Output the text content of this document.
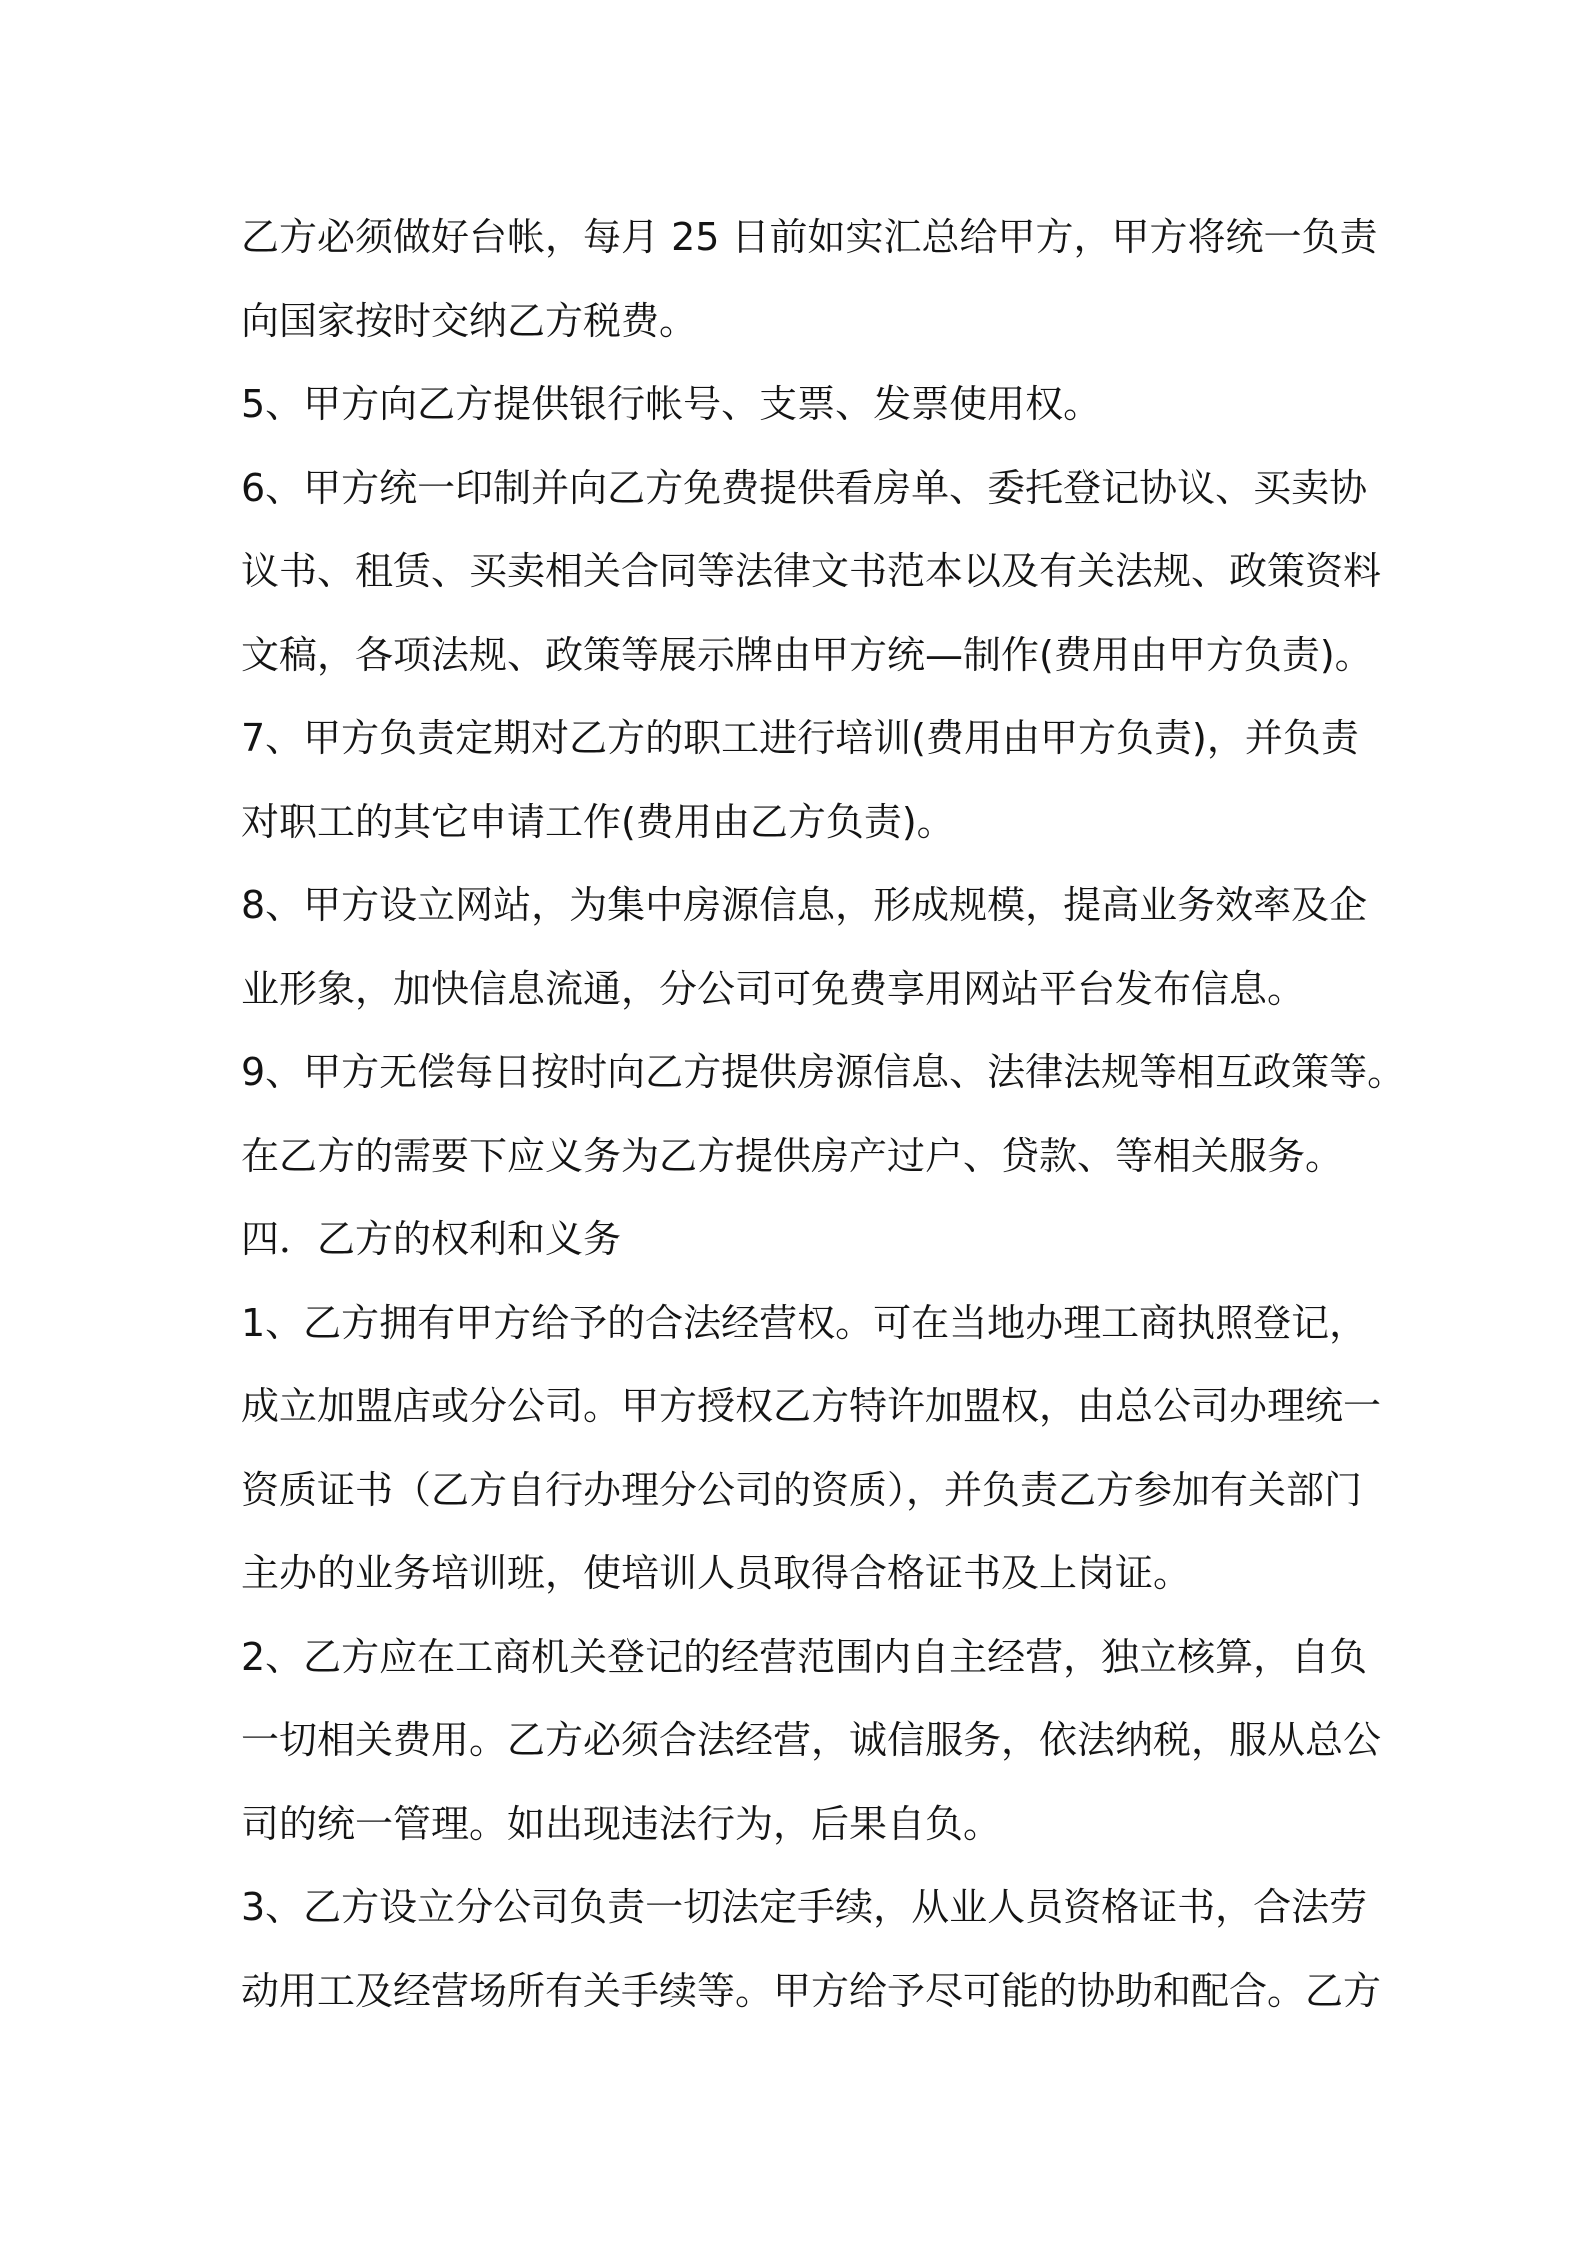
乙方必须做好台帐，每月 25 日前如实汇总给甲方，甲方将统一负责
向国家按时交纳乙方税费。
5、甲方向乙方提供银行帐号、支票、发票使用权。
6、甲方统一印制并向乙方免费提供看房单、委托登记协议、买卖协
议书、租赁、买卖相关合同等法律文书范本以及有关法规、政策资料
文稿，各项法规、政策等展示牌由甲方统—制作(费用由甲方负责)。
7、甲方负责定期对乙方的职工进行培训(费用由甲方负责)，并负责
对职工的其它申请工作(费用由乙方负责)。
8、甲方设立网站，为集中房源信息，形成规模，提高业务效率及企
业形象，加快信息流通，分公司可免费享用网站平台发布信息。
9、甲方无偿每日按时向乙方提供房源信息、法律法规等相互政策等。
在乙方的需要下应义务为乙方提供房产过户、贷款、等相关服务。
四．乙方的权利和义务
1、乙方拥有甲方给予的合法经营权。可在当地办理工商执照登记，
成立加盟店或分公司。甲方授权乙方特许加盟权，由总公司办理统一
资质证书（乙方自行办理分公司的资质），并负责乙方参加有关部门
主办的业务培训班，使培训人员取得合格证书及上岗证。
2、乙方应在工商机关登记的经营范围内自主经营，独立核算，自负
一切相关费用。乙方必须合法经营，诚信服务，依法纳税，服从总公
司的统一管理。如出现违法行为，后果自负。
3、乙方设立分公司负责一切法定手续，从业人员资格证书，合法劳
动用工及经营场所有关手续等。甲方给予尽可能的协助和配合。乙方
